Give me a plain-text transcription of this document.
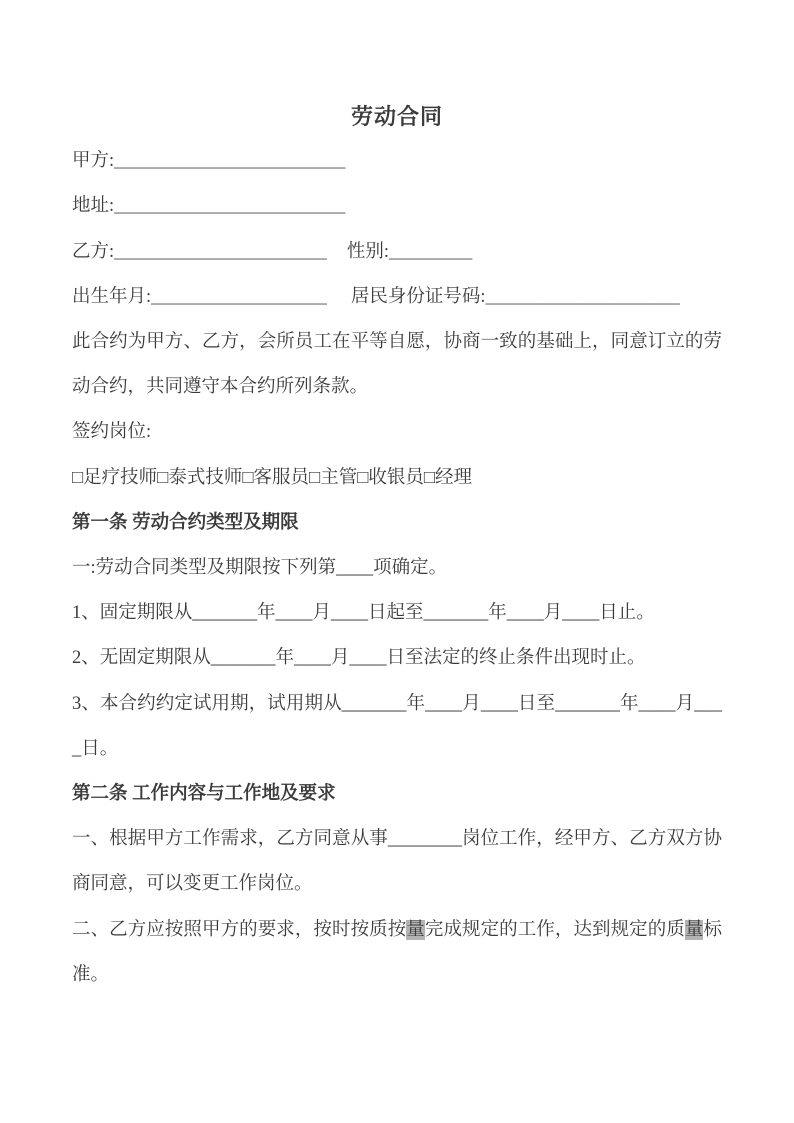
劳动合同

甲方:_________________________

地址:_________________________

乙方:_______________________ 性别:_________

出生年月:___________________ 居民身份证号码:_____________________

此合约为甲方、乙方，会所员工在平等自愿，协商一致的基础上，同意订立的劳动合约，共同遵守本合约所列条款。

签约岗位:

□足疗技师□泰式技师□客服员□主管□收银员□经理

第一条 劳动合约类型及期限

一:劳动合同类型及期限按下列第____项确定。

1、固定期限从_______年____月____日起至_______年____月____日止。

2、无固定期限从_______年____月____日至法定的终止条件出现时止。

3、本合约约定试用期，试用期从_______年____月____日至_______年____月____日。

第二条 工作内容与工作地及要求

一、根据甲方工作需求，乙方同意从事________岗位工作，经甲方、乙方双方协商同意，可以变更工作岗位。

二、乙方应按照甲方的要求，按时按质按量完成规定的工作，达到规定的质量标准。
